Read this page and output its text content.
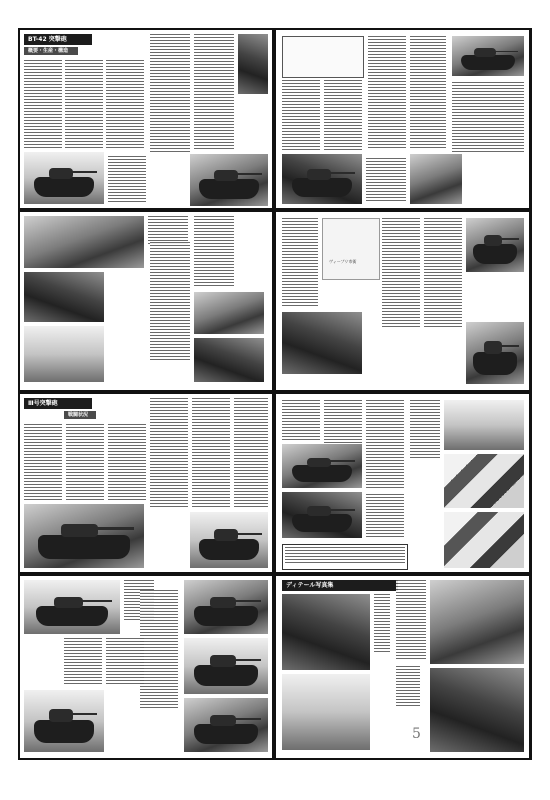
BT-42 突撃砲
概要・生産・構造
ヴィープリ市街
Ⅲ号突撃砲
戦闘状況
ディテール写真集
5
